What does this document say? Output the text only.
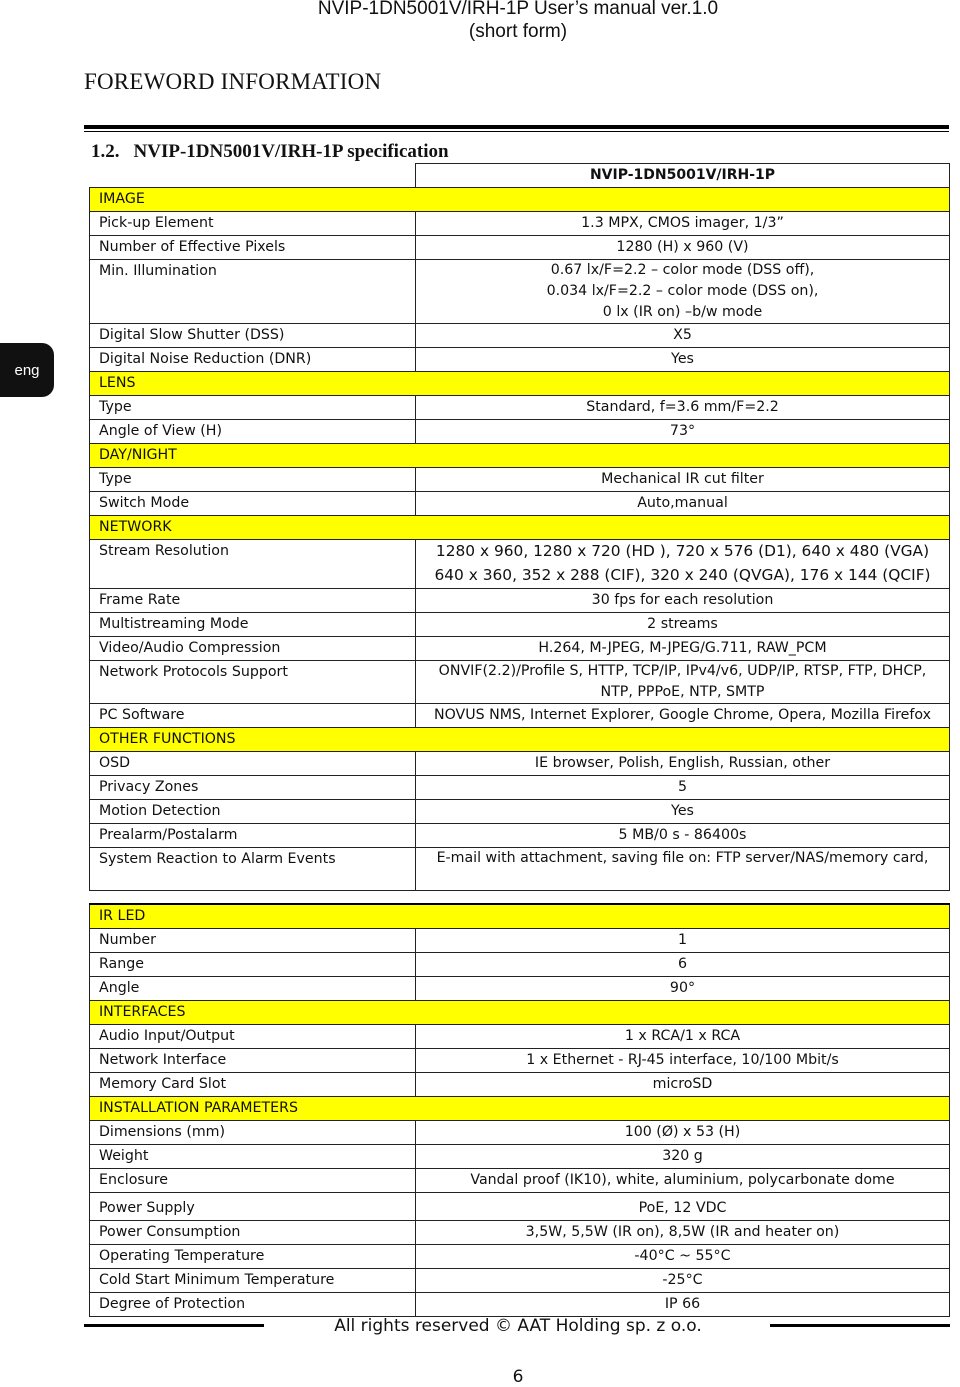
NVIP-1DN5001V/IRH-1P User’s manual ver.1.0
(short form)
FOREWORD INFORMATION
1.2. NVIP-1DN5001V/IRH-1P specification
eng
	NVIP-1DN5001V/IRH-1P
IMAGE	
Pick-up Element	1.3 MPX, CMOS imager, 1/3”
Number of Effective Pixels	1280 (H) x 960 (V)
Min. Illumination	0.67 lx/F=2.2 – color mode (DSS off),
0.034 lx/F=2.2 – color mode (DSS on),
0 lx (IR on) –b/w mode

Digital Slow Shutter (DSS)	X5
Digital Noise Reduction (DNR)	Yes
LENS	
Type	Standard, f=3.6 mm/F=2.2
Angle of View (H)	73°
DAY/NIGHT	
Type	Mechanical IR cut filter
Switch Mode	Auto,manual
NETWORK	
Stream Resolution	1280 x 960, 1280 x 720 (HD ), 720 x 576 (D1), 640 x 480 (VGA)
640 x 360, 352 x 288 (CIF), 320 x 240 (QVGA), 176 x 144 (QCIF)

Frame Rate	30 fps for each resolution
Multistreaming Mode	2 streams
Video/Audio Compression	H.264, M-JPEG, M-JPEG/G.711, RAW_PCM
Network Protocols Support	ONVIF(2.2)/Profile S, HTTP, TCP/IP, IPv4/v6, UDP/IP, RTSP, FTP, DHCP,
NTP, PPPoE, NTP, SMTP

PC Software	NOVUS NMS, Internet Explorer, Google Chrome, Opera, Mozilla Firefox
OTHER FUNCTIONS	
OSD	IE browser, Polish, English, Russian, other
Privacy Zones	5
Motion Detection	Yes
Prealarm/Postalarm	5 MB/0 s - 86400s
System Reaction to Alarm Events	E-mail with attachment, saving file on: FTP server/NAS/memory card,

IR LED	
Number	1
Range	6
Angle	90°
INTERFACES	
Audio Input/Output	1 x RCA/1 x RCA
Network Interface	1 x Ethernet - RJ-45 interface, 10/100 Mbit/s
Memory Card Slot	microSD
INSTALLATION PARAMETERS	
Dimensions (mm)	100 (Ø) x 53 (H)
Weight	320 g
Enclosure	Vandal proof (IK10), white, aluminium, polycarbonate dome
Power Supply	PoE, 12 VDC
Power Consumption	3,5W, 5,5W (IR on), 8,5W (IR and heater on)
Operating Temperature	-40°C ~ 55°C
Cold Start Minimum Temperature	-25°C
Degree of Protection	IP 66
All rights reserved © AAT Holding sp. z o.o.
6
